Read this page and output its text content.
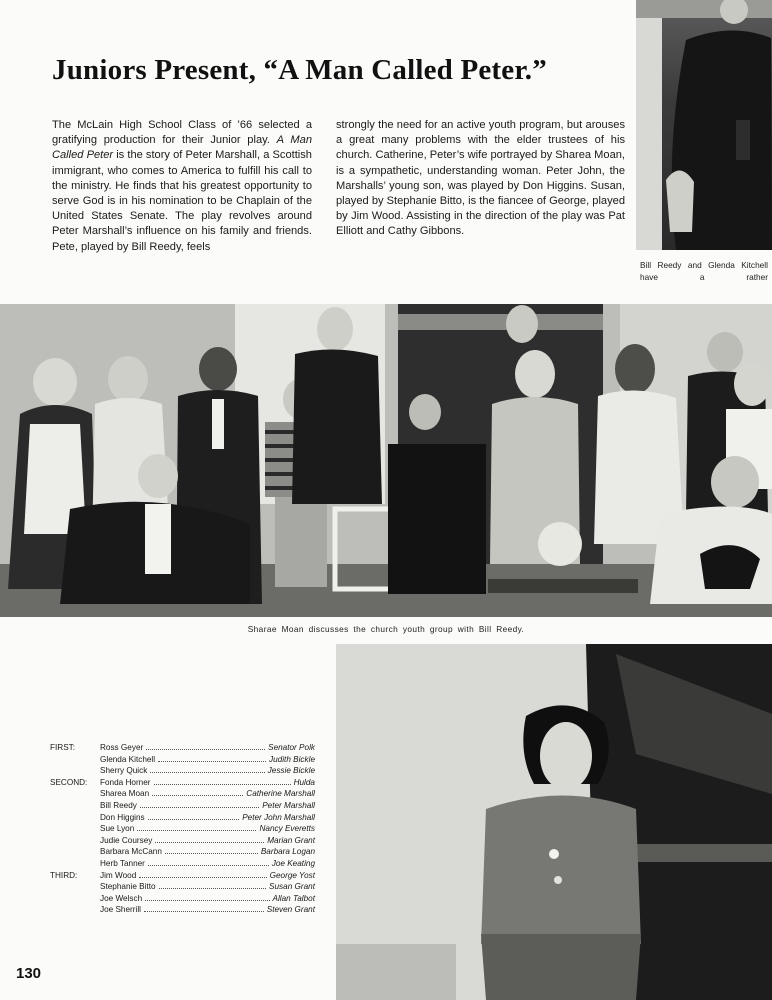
Juniors Present, “A Man Called Peter.”

The McLain High School Class of ’66 selected a gratifying production for their Junior play. A Man Called Peter is the story of Peter Marshall, a Scottish immigrant, who comes to America to fulfill his call to the ministry. He finds that his greatest opportunity to serve God is in his nomination to be Chaplain of the United States Senate. The play revolves around Peter Marshall’s influence on his family and friends. Pete, played by Bill Reedy, feels

strongly the need for an active youth program, but arouses a great many problems with the elder trustees of his church. Catherine, Peter’s wife portrayed by Sharea Moan, is a sympathetic, understanding woman. Peter John, the Marshalls’ young son, was played by Don Higgins. Susan, played by Stephanie Bitto, is the fiancee of George, played by Jim Wood. Assisting in the direction of the play was Pat Elliott and Cathy Gibbons.

Bill Reedy and Glenda Kitchell have a rather
Sharae Moan discusses the church youth group with Bill Reedy.
FIRST:	Ross Geyer	Senator Polk
Glenda Kitchell	Judith Bickle
Sherry Quick	Jessie Bickle
SECOND:	Fonda Horner	Hulda
Sharea Moan	Catherine Marshall
Bill Reedy	Peter Marshall
Don Higgins	Peter John Marshall
Sue Lyon	Nancy Everetts
Judie Coursey	Marian Grant
Barbara McCann	Barbara Logan
Herb Tanner	Joe Keating
THIRD:	Jim Wood	George Yost
Stephanie Bitto	Susan Grant
Joe Welsch	Allan Talbot
Joe Sherrill	Steven Grant
130
